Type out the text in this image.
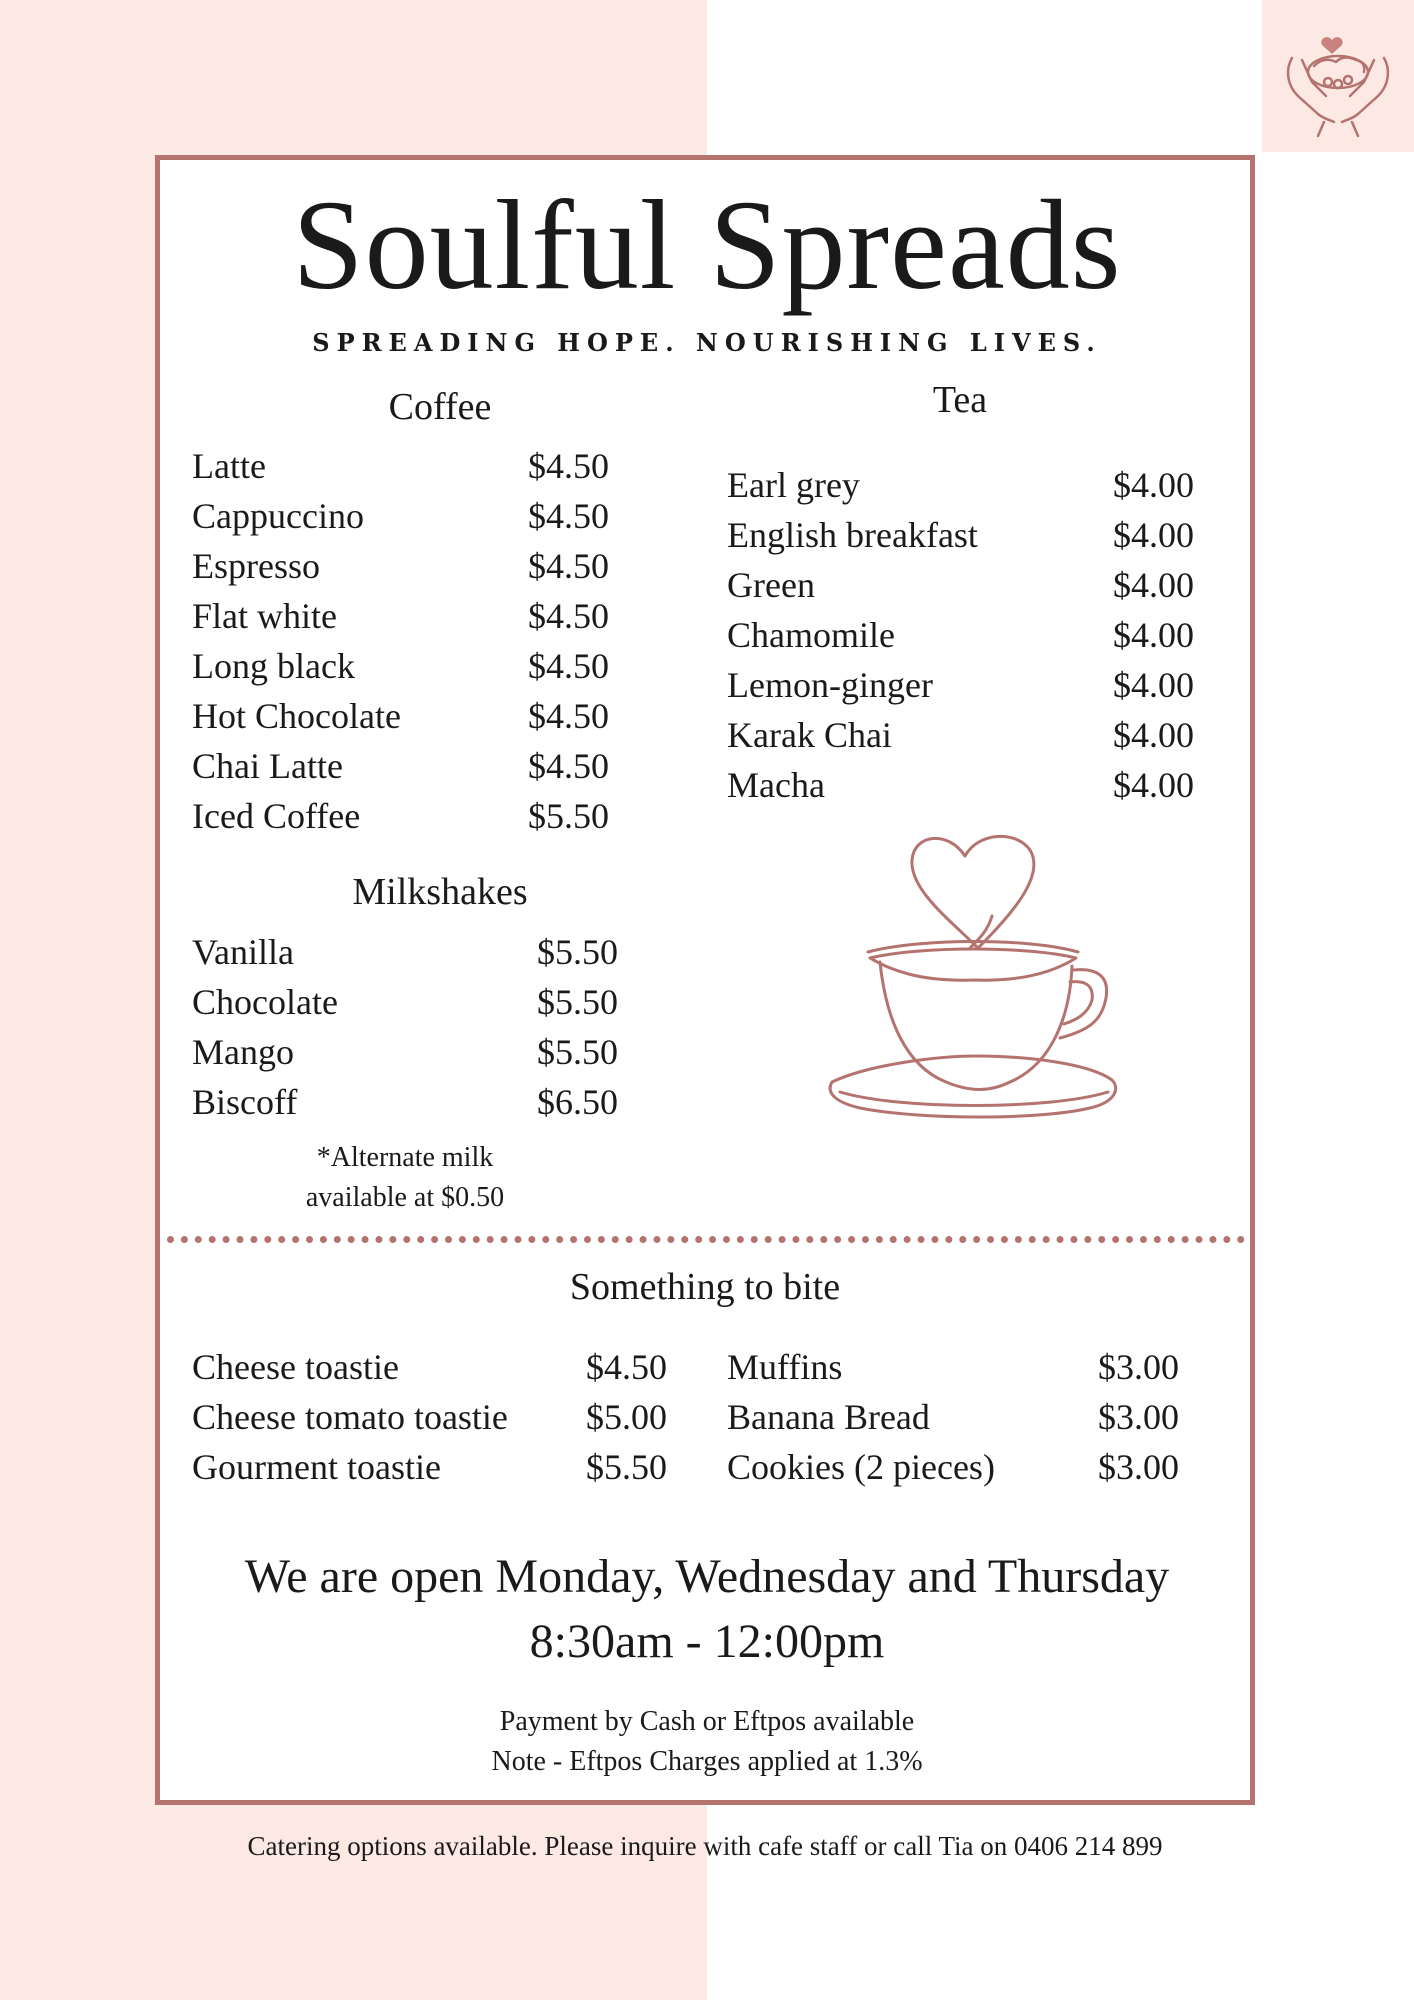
Soulful Spreads
SPREADING HOPE. NOURISHING LIVES.
Coffee
Latte	$4.50
Cappuccino	$4.50
Espresso	$4.50
Flat white	$4.50
Long black	$4.50
Hot Chocolate	$4.50
Chai Latte	$4.50
Iced Coffee	$5.50
Tea
Earl grey	$4.00
English breakfast	$4.00
Green	$4.00
Chamomile	$4.00
Lemon-ginger	$4.00
Karak Chai	$4.00
Macha	$4.00
Milkshakes
Vanilla	$5.50
Chocolate	$5.50
Mango	$5.50
Biscoff	$6.50
*Alternate milk
available at $0.50
Something to bite
Cheese toastie	$4.50
Cheese tomato toastie $5.00
Gourment toastie	$5.50
Muffins	$3.00
Banana Bread	$3.00
Cookies (2 pieces)	$3.00
We are open Monday, Wednesday and Thursday
8:30am - 12:00pm
Payment by Cash or Eftpos available
Note - Eftpos Charges applied at 1.3%
Catering options available. Please inquire with cafe staff or call Tia on 0406 214 899
